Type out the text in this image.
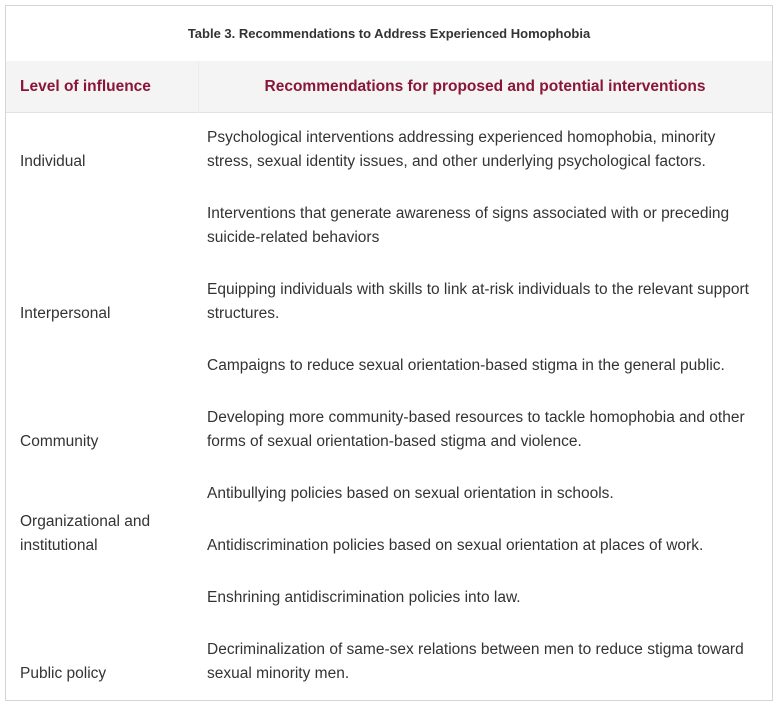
Table 3. Recommendations to Address Experienced Homophobia
Level of influence	Recommendations for proposed and potential interventions
Individual
Interpersonal
Community
Organizational and institutional
Public policy
Psychological interventions addressing experienced homophobia, minority stress, sexual identity issues, and other underlying psychological factors.
Interventions that generate awareness of signs associated with or preceding suicide-related behaviors
Equipping individuals with skills to link at-risk individuals to the relevant support structures.
Campaigns to reduce sexual orientation-based stigma in the general public.
Developing more community-based resources to tackle homophobia and other forms of sexual orientation-based stigma and violence.
Antibullying policies based on sexual orientation in schools.
Antidiscrimination policies based on sexual orientation at places of work.
Enshrining antidiscrimination policies into law.
Decriminalization of same-sex relations between men to reduce stigma toward sexual minority men.
